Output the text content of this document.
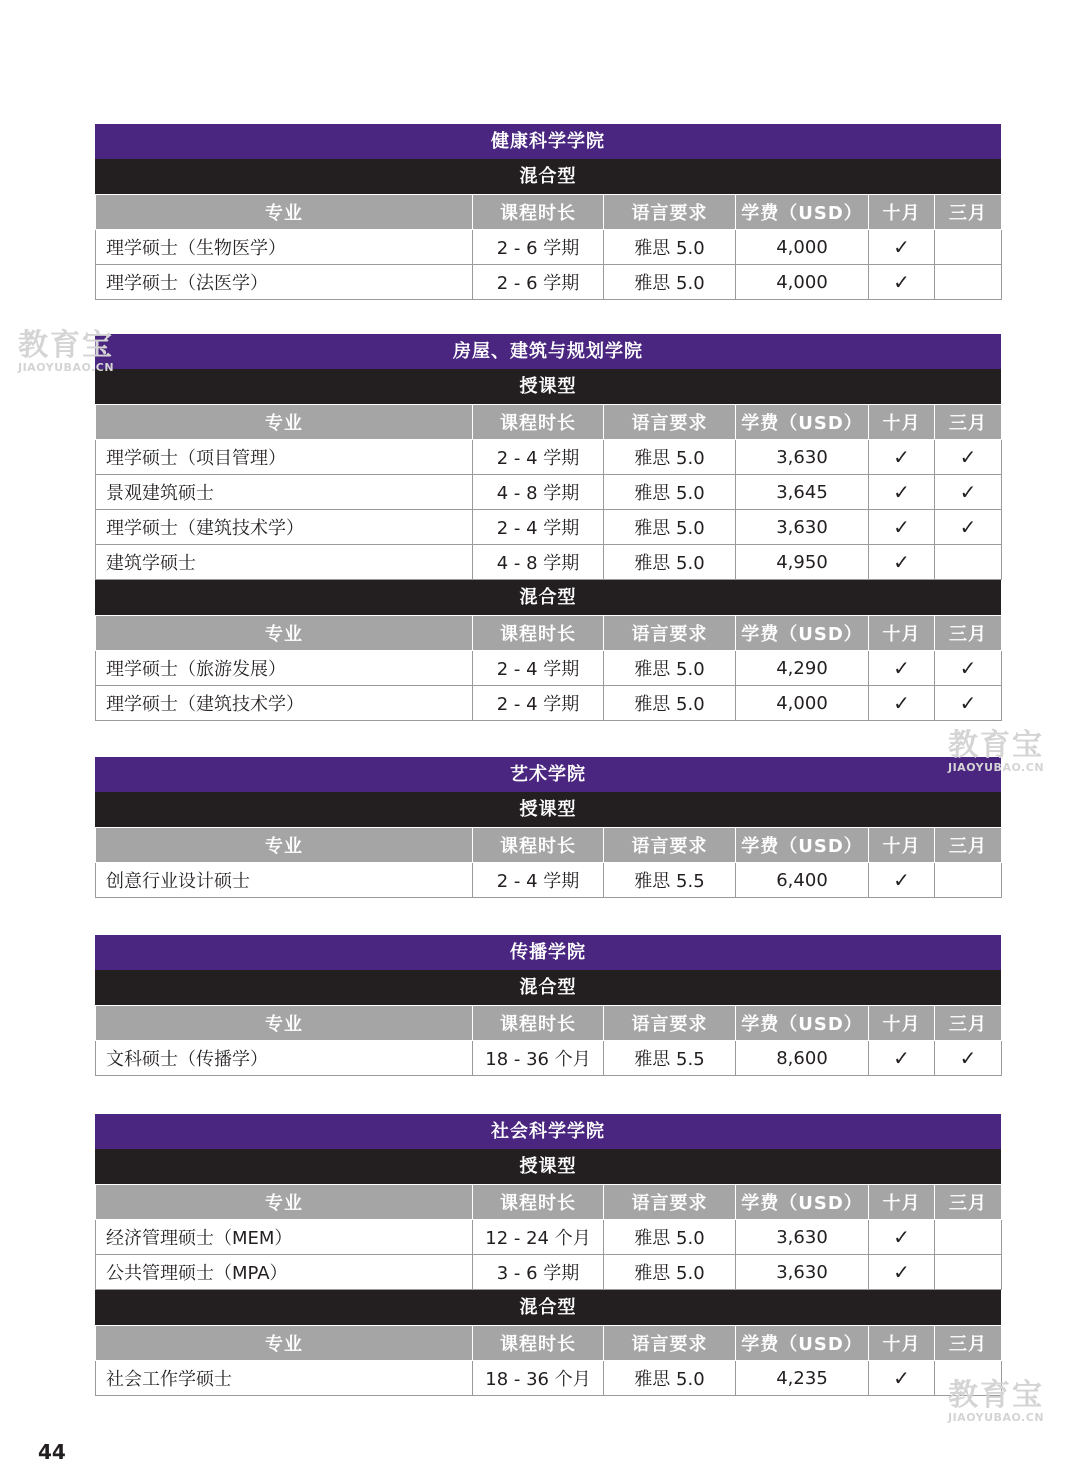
健康科学学院
混合型
专业	课程时长	语言要求	学费（USD）	十月	三月
理学硕士（生物医学）	2 - 6 学期	雅思 5.0	4,000	✓	
理学硕士（法医学）	2 - 6 学期	雅思 5.0	4,000	✓	
房屋、建筑与规划学院
授课型
专业	课程时长	语言要求	学费（USD）	十月	三月
理学硕士（项目管理）	2 - 4 学期	雅思 5.0	3,630	✓	✓
景观建筑硕士	4 - 8 学期	雅思 5.0	3,645	✓	✓
理学硕士（建筑技术学）	2 - 4 学期	雅思 5.0	3,630	✓	✓
建筑学硕士	4 - 8 学期	雅思 5.0	4,950	✓	
混合型
专业	课程时长	语言要求	学费（USD）	十月	三月
理学硕士（旅游发展）	2 - 4 学期	雅思 5.0	4,290	✓	✓
理学硕士（建筑技术学）	2 - 4 学期	雅思 5.0	4,000	✓	✓
艺术学院
授课型
专业	课程时长	语言要求	学费（USD）	十月	三月
创意行业设计硕士	2 - 4 学期	雅思 5.5	6,400	✓	
传播学院
混合型
专业	课程时长	语言要求	学费（USD）	十月	三月
文科硕士（传播学）	18 - 36 个月	雅思 5.5	8,600	✓	✓
社会科学学院
授课型
专业	课程时长	语言要求	学费（USD）	十月	三月
经济管理硕士（MEM）	12 - 24 个月	雅思 5.0	3,630	✓	
公共管理硕士（MPA）	3 - 6 学期	雅思 5.0	3,630	✓	
混合型
专业	课程时长	语言要求	学费（USD）	十月	三月
社会工作学硕士	18 - 36 个月	雅思 5.0	4,235	✓	
教育宝
JIAOYUBAO.CN
教育宝
JIAOYUBAO.CN
教育宝
JIAOYUBAO.CN
44
